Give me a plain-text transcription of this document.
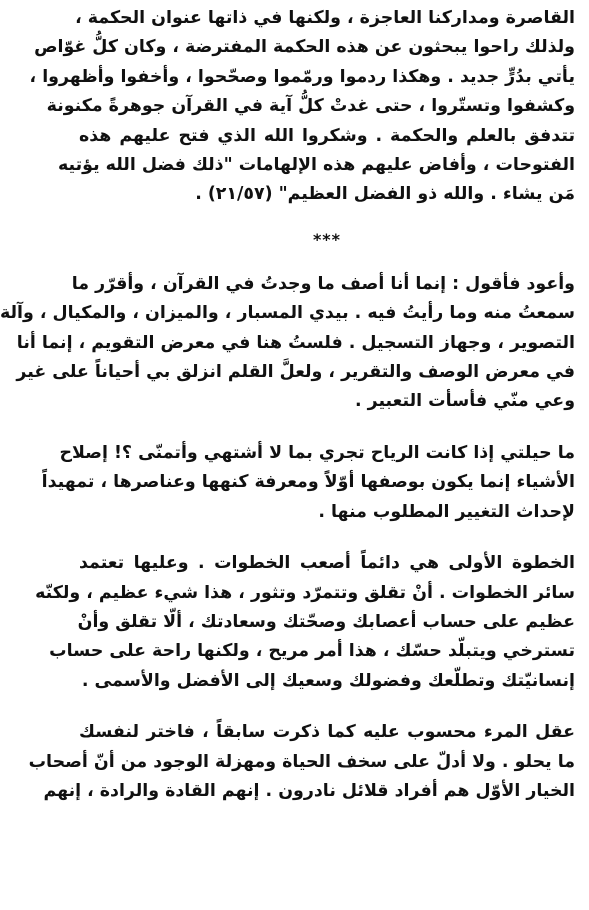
القاصرة ومداركنا العاجزة ، ولكنها في ذاتها عنوان الحكمة ،
ولذلك راحوا يبحثون عن هذه الحكمة المفترضة ، وكان كلُّ غوّاص
يأتي بدُرٍّ جديد . وهكذا ردموا ورمّموا وصحّحوا ، وأخفوا وأظهروا ،
وكشفوا وتستّروا ، حتى غدتْ كلُّ آية في القرآن جوهرةً مكنونة
تتدفق بالعلم والحكمة . وشكروا الله الذي فتح عليهم هذه
الفتوحات ، وأفاض عليهم هذه الإلهامات "ذلك فضل الله يؤتيه
مَن يشاء . والله ذو الفضل العظيم" (٢١/٥٧) .

***

وأعود فأقول : إنما أنا أصف ما وجدتُ في القرآن ، وأقرّر ما
سمعتُ منه وما رأيتُ فيه . بيدي المسبار ، والميزان ، والمكيال ، وآلة
التصوير ، وجهاز التسجيل . فلستُ هنا في معرض التقويم ، إنما أنا
في معرض الوصف والتقرير ، ولعلَّ القلم انزلق بي أحياناً على غير
وعي منّي فأسأت التعبير .

ما حيلتي إذا كانت الرياح تجري بما لا أشتهي وأتمنّى ؟! إصلاح
الأشياء إنما يكون بوصفها أوّلاً ومعرفة كنهها وعناصرها ، تمهيداً
لإحداث التغيير المطلوب منها .

الخطوة الأولى هي دائماً أصعب الخطوات . وعليها تعتمد
سائر الخطوات . أنْ تقلق وتتمرّد وتثور ، هذا شيء عظيم ، ولكنّه
عظيم على حساب أعصابك وصحّتك وسعادتك ، ألّا تقلق وأنْ
تسترخي ويتبلّد حسّك ، هذا أمر مريح ، ولكنها راحة على حساب
إنسانيّتك وتطلّعك وفضولك وسعيك إلى الأفضل والأسمى .

عقل المرء محسوب عليه كما ذكرت سابقاً ، فاختر لنفسك
ما يحلو . ولا أدلّ على سخف الحياة ومهزلة الوجود من أنّ أصحاب
الخيار الأوّل هم أفراد قلائل نادرون . إنهم القادة والرادة ، إنهم
